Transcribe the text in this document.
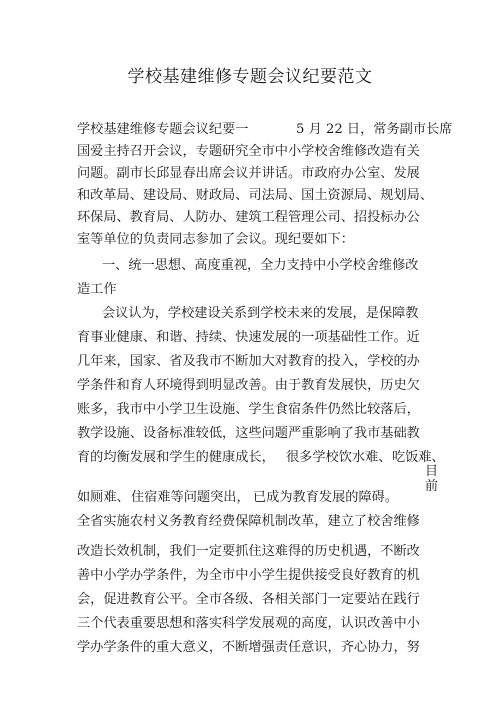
学校基建维修专题会议纪要范文
学校基建维修专题会议纪要一	5 月 22 日，常务副市长席
国爱主持召开会议，专题研究全市中小学校舍维修改造有关
问题。副市长邱显春出席会议并讲话。市政府办公室、发展
和改革局、建设局、财政局、司法局、国土资源局、规划局、
环保局、教育局、人防办、建筑工程管理公司、招投标办公
室等单位的负责同志参加了会议。现纪要如下：
一、统一思想、高度重视，全力支持中小学校舍维修改
造工作
会议认为，学校建设关系到学校未来的发展，是保障教
育事业健康、和谐、持续、快速发展的一项基础性工作。近
几年来，国家、省及我市不断加大对教育的投入，学校的办
学条件和育人环境得到明显改善。由于教育发展快，历史欠
账多，我市中小学卫生设施、学生食宿条件仍然比较落后，
教学设施、设备标准较低，这些问题严重影响了我市基础教
育的均衡发展和学生的健康成长， 很多学校饮水难、 吃饭难、
目
前
如厕难、 住宿难等问题突出， 已成为教育发展的障碍。
全省实施农村义务教育经费保障机制改革，建立了校舍维修
改造长效机制，我们一定要抓住这难得的历史机遇，不断改
善中小学办学条件，为全市中小学生提供接受良好教育的机
会，促进教育公平。全市各级、各相关部门一定要站在践行
三个代表重要思想和落实科学发展观的高度，认识改善中小
学办学条件的重大意义，不断增强责任意识，齐心协力，努
